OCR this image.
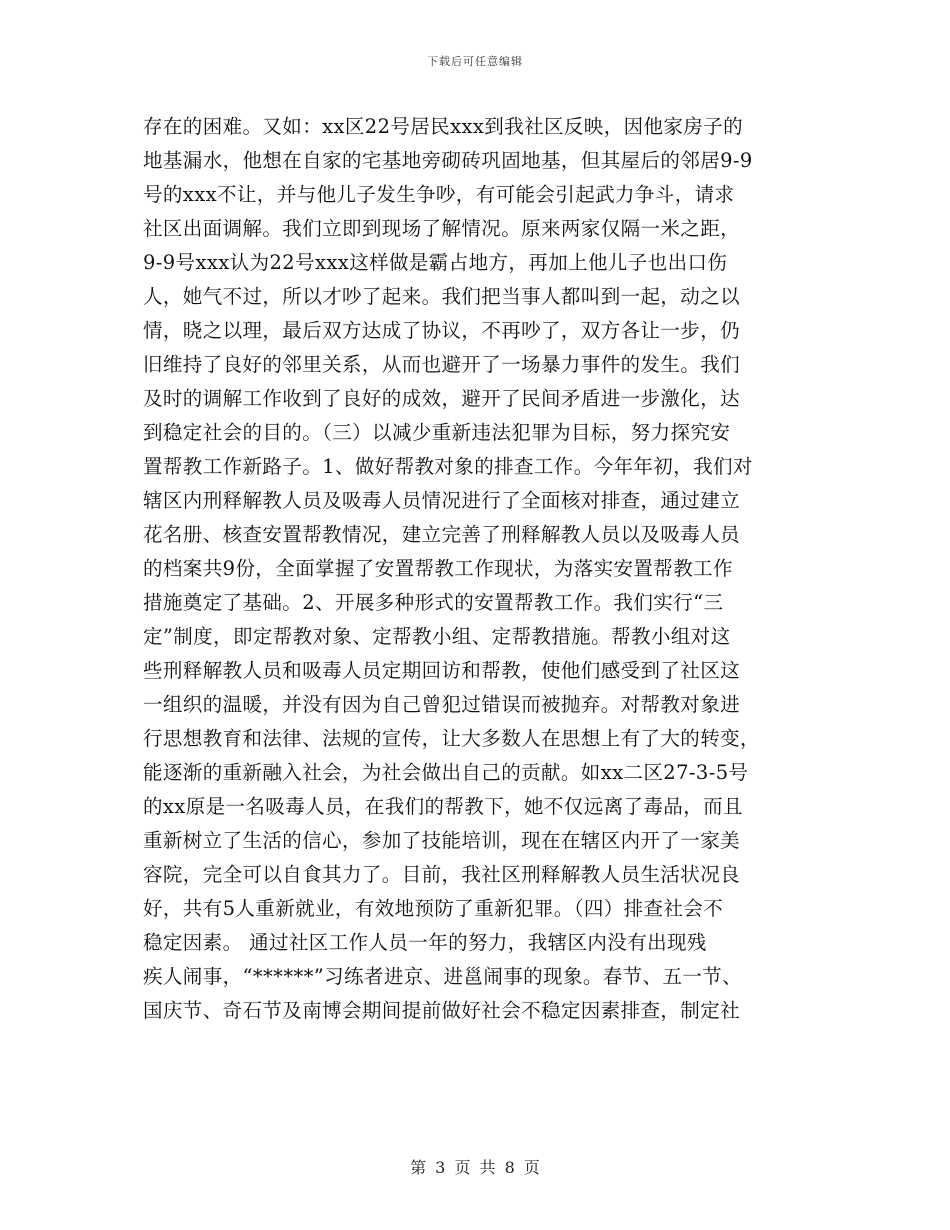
下载后可任意编辑
存在的困难。又如：xx区22号居民xxx到我社区反映，因他家房子的
地基漏水，他想在自家的宅基地旁砌砖巩固地基，但其屋后的邻居9-9
号的xxx不让，并与他儿子发生争吵，有可能会引起武力争斗，请求
社区出面调解。我们立即到现场了解情况。原来两家仅隔一米之距，
9-9号xxx认为22号xxx这样做是霸占地方，再加上他儿子也出口伤
人，她气不过，所以才吵了起来。我们把当事人都叫到一起，动之以
情，晓之以理，最后双方达成了协议，不再吵了，双方各让一步，仍
旧维持了良好的邻里关系，从而也避开了一场暴力事件的发生。我们
及时的调解工作收到了良好的成效，避开了民间矛盾进一步激化，达
到稳定社会的目的。（三）以减少重新违法犯罪为目标，努力探究安
置帮教工作新路子。1、做好帮教对象的排查工作。今年年初，我们对
辖区内刑释解教人员及吸毒人员情况进行了全面核对排查，通过建立
花名册、核查安置帮教情况，建立完善了刑释解教人员以及吸毒人员
的档案共9份，全面掌握了安置帮教工作现状，为落实安置帮教工作
措施奠定了基础。2、开展多种形式的安置帮教工作。我们实行“三
定”制度，即定帮教对象、定帮教小组、定帮教措施。帮教小组对这
些刑释解教人员和吸毒人员定期回访和帮教，使他们感受到了社区这
一组织的温暖，并没有因为自己曾犯过错误而被抛弃。对帮教对象进
行思想教育和法律、法规的宣传，让大多数人在思想上有了大的转变，
能逐渐的重新融入社会，为社会做出自己的贡献。如xx二区27-3-5号
的xx原是一名吸毒人员，在我们的帮教下，她不仅远离了毒品，而且
重新树立了生活的信心，参加了技能培训，现在在辖区内开了一家美
容院，完全可以自食其力了。目前，我社区刑释解教人员生活状况良
好，共有5人重新就业，有效地预防了重新犯罪。（四）排查社会不
稳定因素。 通过社区工作人员一年的努力，我辖区内没有出现残
疾人闹事，“******”习练者进京、进邕闹事的现象。春节、五一节、
国庆节、奇石节及南博会期间提前做好社会不稳定因素排查，制定社
第 3 页 共 8 页
